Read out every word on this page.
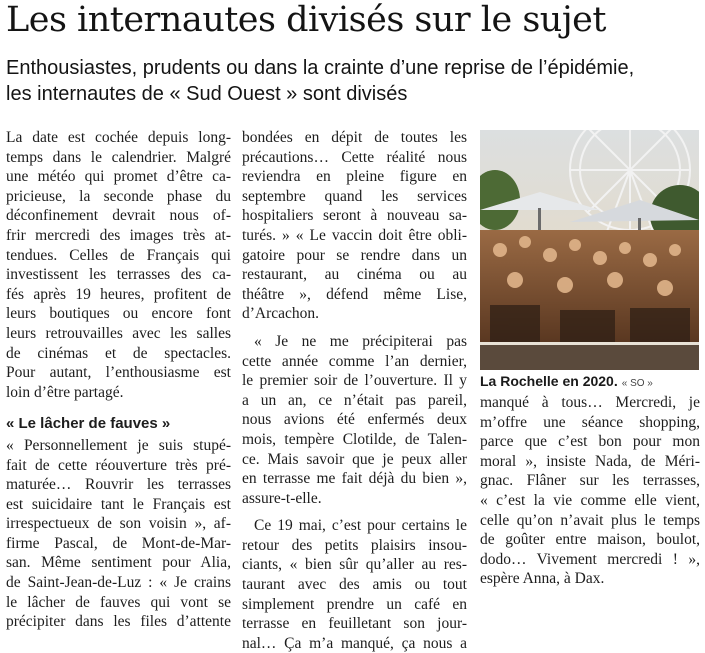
Les internautes divisés sur le sujet
Enthousiastes, prudents ou dans la crainte d’une reprise de l’épidémie,
les internautes de « Sud Ouest » sont divisés
La date est cochée depuis long-
temps dans le calendrier. Malgré
une météo qui promet d’être ca-
pricieuse, la seconde phase du
déconfinement devrait nous of-
frir mercredi des images très at-
tendues. Celles de Français qui
investissent les terrasses des ca-
fés après 19 heures, profitent de
leurs boutiques ou encore font
leurs retrouvailles avec les salles
de cinémas et de spectacles.
Pour autant, l’enthousiasme est
loin d’être partagé.
« Le lâcher de fauves »
« Personnellement je suis stupé-
fait de cette réouverture très pré-
maturée… Rouvrir les terrasses
est suicidaire tant le Français est
irrespectueux de son voisin », af-
firme Pascal, de Mont-de-Mar-
san. Même sentiment pour Alia,
de Saint-Jean-de-Luz : « Je crains
le lâcher de fauves qui vont se
précipiter dans les files d’attente
bondées en dépit de toutes les
précautions… Cette réalité nous
reviendra en pleine figure en
septembre quand les services
hospitaliers seront à nouveau sa-
turés. » « Le vaccin doit être obli-
gatoire pour se rendre dans un
restaurant, au cinéma ou au
théâtre », défend même Lise,
d’Arcachon.
« Je ne me précipiterai pas
cette année comme l’an dernier,
le premier soir de l’ouverture. Il y
a un an, ce n’était pas pareil,
nous avions été enfermés deux
mois, tempère Clotilde, de Talen-
ce. Mais savoir que je peux aller
en terrasse me fait déjà du bien »,
assure-t-elle.
Ce 19 mai, c’est pour certains le
retour des petits plaisirs insou-
ciants, « bien sûr qu’aller au res-
taurant avec des amis ou tout
simplement prendre un café en
terrasse en feuilletant son jour-
nal… Ça m’a manqué, ça nous a
La Rochelle en 2020. « SO »
manqué à tous… Mercredi, je
m’offre une séance shopping,
parce que c’est bon pour mon
moral », insiste Nada, de Méri-
gnac. Flâner sur les terrasses,
« c’est la vie comme elle vient,
celle qu’on n’avait plus le temps
de goûter entre maison, boulot,
dodo… Vivement mercredi ! »,
espère Anna, à Dax.
